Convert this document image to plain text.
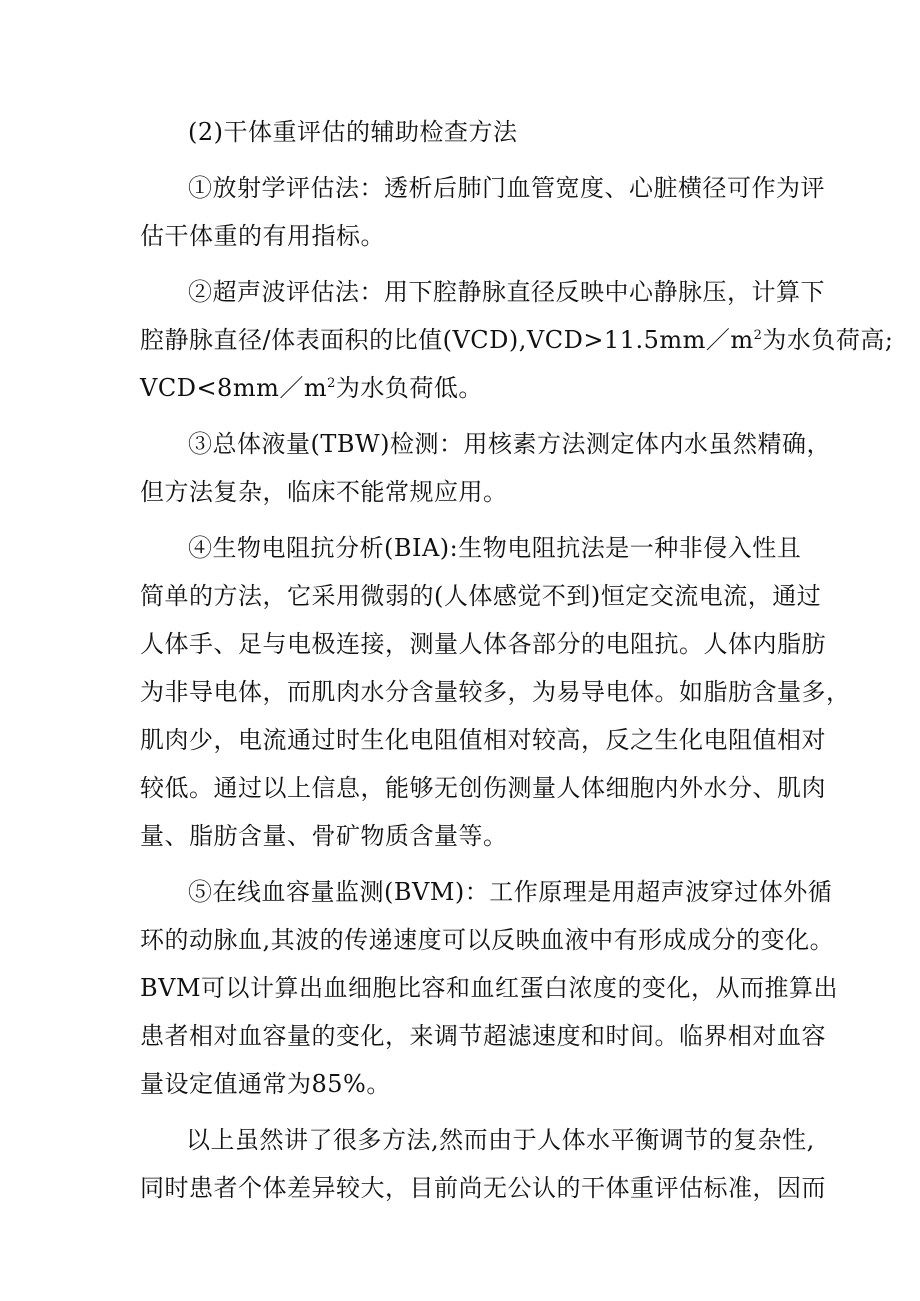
(2)干体重评估的辅助检查方法
①放射学评估法：透析后肺门血管宽度、心脏横径可作为评
估干体重的有用指标。
②超声波评估法：用下腔静脉直径反映中心静脉压，计算下
腔静脉直径/体表面积的比值$(VCD),VCD>11.5mm/m^2$为水负荷高;
$VCD<8mm/m^2$为水负荷低。
③总体液量(TBW)检测：用核素方法测定体内水虽然精确，
但方法复杂，临床不能常规应用。
④生物电阻抗分析(BIA):生物电阻抗法是一种非侵入性且
简单的方法，它采用微弱的(人体感觉不到)恒定交流电流，通过
人体手、足与电极连接，测量人体各部分的电阻抗。人体内脂肪
为非导电体，而肌肉水分含量较多，为易导电体。如脂肪含量多，
肌肉少，电流通过时生化电阻值相对较高，反之生化电阻值相对
较低。通过以上信息，能够无创伤测量人体细胞内外水分、肌肉
量、脂肪含量、骨矿物质含量等。
⑤在线血容量监测(BVM)：工作原理是用超声波穿过体外循
环的动脉血,其波的传递速度可以反映血液中有形成成分的变化。
BVM可以计算出血细胞比容和血红蛋白浓度的变化，从而推算出
患者相对血容量的变化，来调节超滤速度和时间。临界相对血容
量设定值通常为85%。
以上虽然讲了很多方法,然而由于人体水平衡调节的复杂性,
同时患者个体差异较大，目前尚无公认的干体重评估标准，因而
